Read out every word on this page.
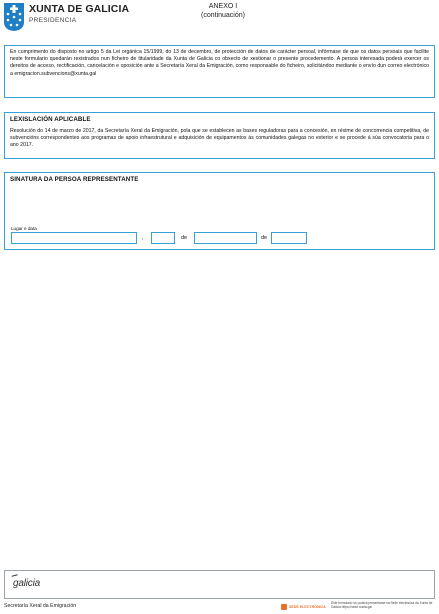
XUNTA DE GALICIA
PRESIDENCIA
ANEXO I
(continuación)

En cumprimento do disposto no artigo 5 da Lei orgánica 15/1999, do 13 de decembro, de protección de datos de carácter persoal, infórmase de que os datos persoais que facilite neste formulario quedarán rexistrados nun ficheiro de titularidade da Xunta de Galicia co obxecto de xestionar o presente procedemento. A persoa interesada poderá exercer os dereitos de acceso, rectificación, cancelación e oposición ante a Secretaría Xeral da Emigración, como responsable do ficheiro, solicitándoo mediante o envío dun correo electrónico a emigracion.subvencions@xunta.gal

LEXISLACIÓN APLICABLE

Resolución do 14 de marzo de 2017, da Secretaría Xeral da Emigración, pola que se establecen as bases reguladoras para a concesión, en réxime de concorrencia competitiva, de subvencións correspondentes aos programas de apoio infraestrutural e adquisición de equipamentos ás comunidades galegas no exterior e se procede á súa convocatoria para o ano 2017.

SINATURA DA PERSOA REPRESENTANTE
Lugar e data
,	de	de
galicia
Secretaría Xeral da Emigración	SEDE ELECTRÓNICA
Este formulario só poderá presentarse na Sede electrónica da Xunta de Galicia https://sede.xunta.gal
